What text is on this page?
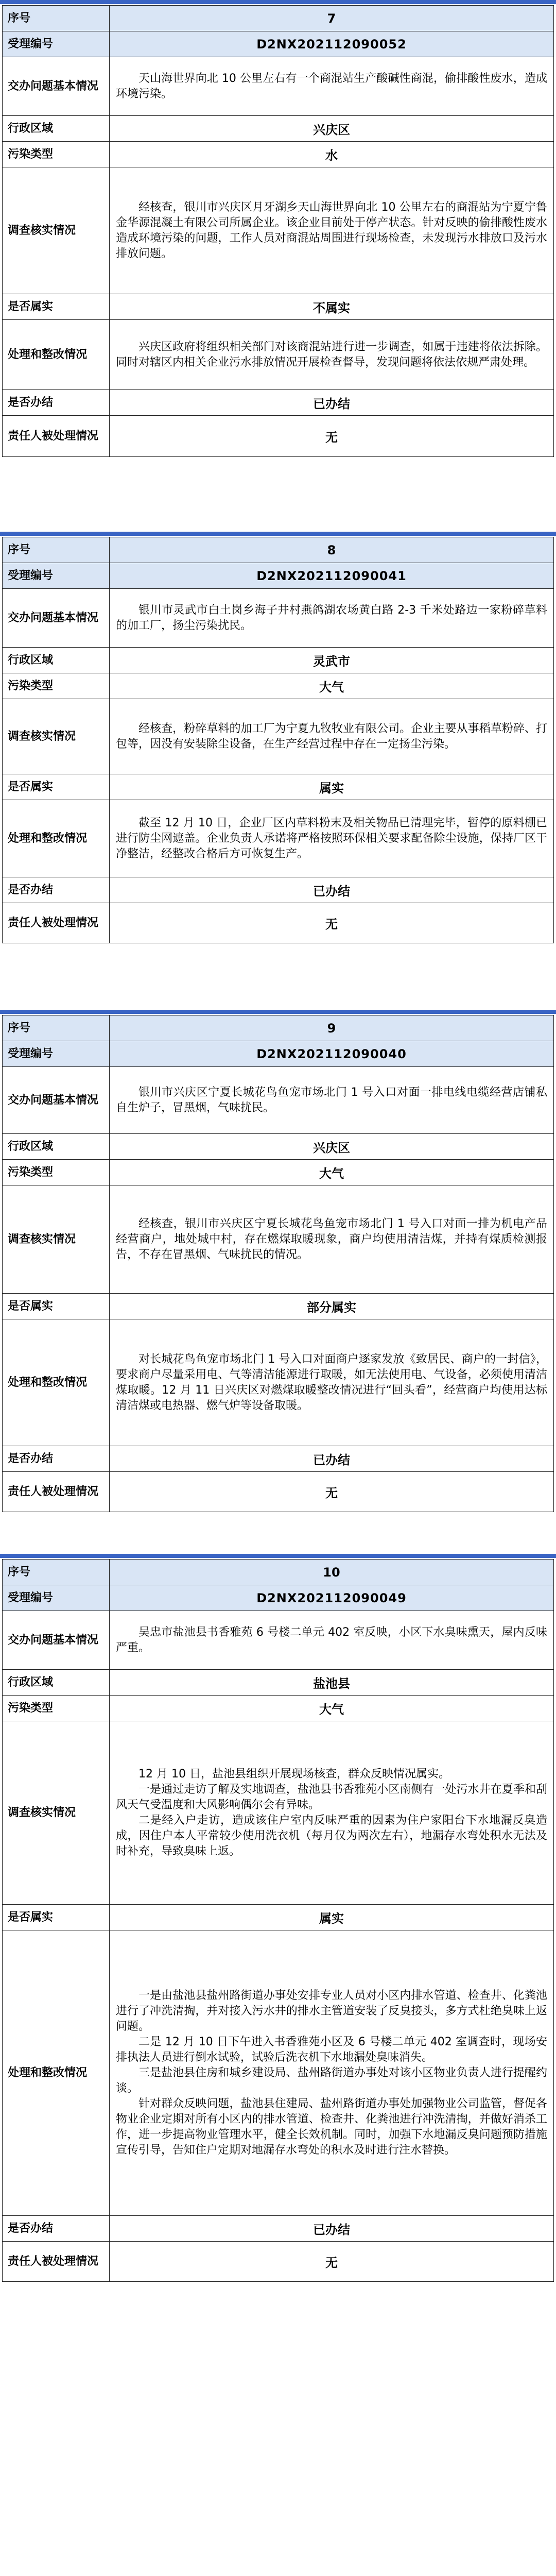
序号	7
受理编号	D2NX202112090052
交办问题基本情况	天山海世界向北 10 公里左右有一个商混站生产酸碱性商混，偷排酸性废水，造成环境污染。

行政区域	兴庆区
污染类型	水
调查核实情况	经核查，银川市兴庆区月牙湖乡天山海世界向北 10 公里左右的商混站为宁夏宁鲁金华源混凝土有限公司所属企业。该企业目前处于停产状态。针对反映的偷排酸性废水造成环境污染的问题，工作人员对商混站周围进行现场检查，未发现污水排放口及污水排放问题。

是否属实	不属实
处理和整改情况	兴庆区政府将组织相关部门对该商混站进行进一步调查，如属于违建将依法拆除。同时对辖区内相关企业污水排放情况开展检查督导，发现问题将依法依规严肃处理。

是否办结	已办结
责任人被处理情况	无
序号	8
受理编号	D2NX202112090041
交办问题基本情况	银川市灵武市白土岗乡海子井村燕鸽湖农场黄白路 2-3 千米处路边一家粉碎草料的加工厂，扬尘污染扰民。

行政区域	灵武市
污染类型	大气
调查核实情况	经核查，粉碎草料的加工厂为宁夏九牧牧业有限公司。企业主要从事稻草粉碎、打包等，因没有安装除尘设备，在生产经营过程中存在一定扬尘污染。

是否属实	属实
处理和整改情况	截至 12 月 10 日，企业厂区内草料粉末及相关物品已清理完毕，暂停的原料棚已进行防尘网遮盖。企业负责人承诺将严格按照环保相关要求配备除尘设施，保持厂区干净整洁，经整改合格后方可恢复生产。

是否办结	已办结
责任人被处理情况	无
序号	9
受理编号	D2NX202112090040
交办问题基本情况	银川市兴庆区宁夏长城花鸟鱼宠市场北门 1 号入口对面一排电线电缆经营店铺私自生炉子，冒黑烟，气味扰民。

行政区域	兴庆区
污染类型	大气
调查核实情况	经核查，银川市兴庆区宁夏长城花鸟鱼宠市场北门 1 号入口对面一排为机电产品经营商户，地处城中村，存在燃煤取暖现象，商户均使用清洁煤，并持有煤质检测报告，不存在冒黑烟、气味扰民的情况。

是否属实	部分属实
处理和整改情况	对长城花鸟鱼宠市场北门 1 号入口对面商户逐家发放《致居民、商户的一封信》，要求商户尽量采用电、气等清洁能源进行取暖，如无法使用电、气设备，必须使用清洁煤取暖。12 月 11 日兴庆区对燃煤取暖整改情况进行“回头看”，经营商户均使用达标清洁煤或电热器、燃气炉等设备取暖。

是否办结	已办结
责任人被处理情况	无
序号	10
受理编号	D2NX202112090049
交办问题基本情况	吴忠市盐池县书香雅苑 6 号楼二单元 402 室反映，小区下水臭味熏天，屋内反味严重。

行政区域	盐池县
污染类型	大气
调查核实情况	12 月 10 日，盐池县组织开展现场核查，群众反映情况属实。

一是通过走访了解及实地调查，盐池县书香雅苑小区南侧有一处污水井在夏季和刮风天气受温度和大风影响偶尔会有异味。

二是经入户走访，造成该住户室内反味严重的因素为住户家阳台下水地漏反臭造成，因住户本人平常较少使用洗衣机（每月仅为两次左右），地漏存水弯处积水无法及时补充，导致臭味上返。

是否属实	属实
处理和整改情况	一是由盐池县盐州路街道办事处安排专业人员对小区内排水管道、检查井、化粪池进行了冲洗清掏，并对接入污水井的排水主管道安装了反臭接头，多方式杜绝臭味上返问题。

二是 12 月 10 日下午进入书香雅苑小区及 6 号楼二单元 402 室调查时，现场安排执法人员进行倒水试验，试验后洗衣机下水地漏处臭味消失。

三是盐池县住房和城乡建设局、盐州路街道办事处对该小区物业负责人进行提醒约谈。

针对群众反映问题，盐池县住建局、盐州路街道办事处加强物业公司监管，督促各物业企业定期对所有小区内的排水管道、检查井、化粪池进行冲洗清掏，并做好消杀工作，进一步提高物业管理水平，健全长效机制。同时，加强下水地漏反臭问题预防措施宣传引导，告知住户定期对地漏存水弯处的积水及时进行注水替换。

是否办结	已办结
责任人被处理情况	无
